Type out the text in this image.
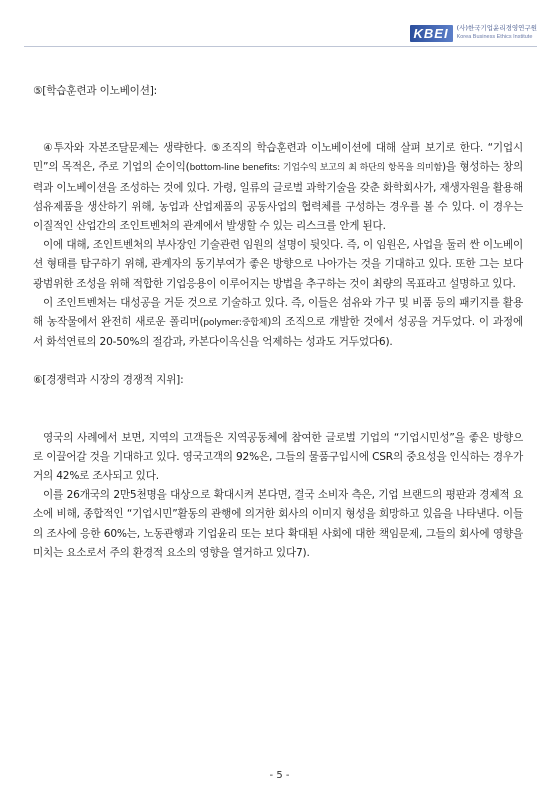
KBEI	(사)한국기업윤리경영연구원
Korea Business Ethics Institute

⑤[학습훈련과 이노베이션]:

④투자와 자본조달문제는 생략한다. ⑤조직의 학습훈련과 이노베이션에 대해 살펴 보기로 한다. “기업시민”의 목적은, 주로 기업의 순이익(bottom-line benefits: 기업수익 보고의 최 하단의 항목을 의미함)을 형성하는 창의력과 이노베이션을 조성하는 것에 있다. 가령, 일류의 글로벌 과학기술을 갖춘 화학회사가, 재생자원을 활용해 섬유제품을 생산하기 위해, 농업과 산업제품의 공동사업의 협력체를 구성하는 경우를 볼 수 있다. 이 경우는 이질적인 산업간의 조인트벤처의 관계에서 발생할 수 있는 리스크를 안게 된다.

이에 대해, 조인트벤처의 부사장인 기술관련 임원의 설명이 뒷잇다. 즉, 이 임원은, 사업을 둘러 싼 이노베이션 형태를 탐구하기 위해, 관계자의 동기부여가 좋은 방향으로 나아가는 것을 기대하고 있다. 또한 그는 보다 광범위한 조성을 위해 적합한 기업응용이 이루어지는 방법을 추구하는 것이 최량의 목표라고 설명하고 있다.

이 조인트벤처는 대성공을 거둔 것으로 기술하고 있다. 즉, 이들은 섬유와 가구 및 비품 등의 패키지를 활용해 농작물에서 완전히 새로운 폴리머(polymer:중합체)의 조직으로 개발한 것에서 성공을 거두었다. 이 과정에서 화석연료의 20-50%의 절감과, 카본다이옥신을 억제하는 성과도 거두었다6).

⑥[경쟁력과 시장의 경쟁적 지위]:

영국의 사례에서 보면, 지역의 고객들은 지역공동체에 참여한 글로벌 기업의 “기업시민성”을 좋은 방향으로 이끌어갈 것을 기대하고 있다. 영국고객의 92%은, 그들의 물품구입시에 CSR의 중요성을 인식하는 경우가 거의 42%로 조사되고 있다.

이를 26개국의 2만5천명을 대상으로 확대시켜 본다면, 결국 소비자 측은, 기업 브랜드의 평판과 경제적 요소에 비해, 종합적인 “기업시민”활동의 관행에 의거한 회사의 이미지 형성을 희망하고 있음을 나타낸다. 이들의 조사에 응한 60%는, 노동관행과 기업윤리 또는 보다 확대된 사회에 대한 책임문제, 그들의 회사에 영향을 미치는 요소로서 주의 환경적 요소의 영향을 열거하고 있다7).

- 5 -
